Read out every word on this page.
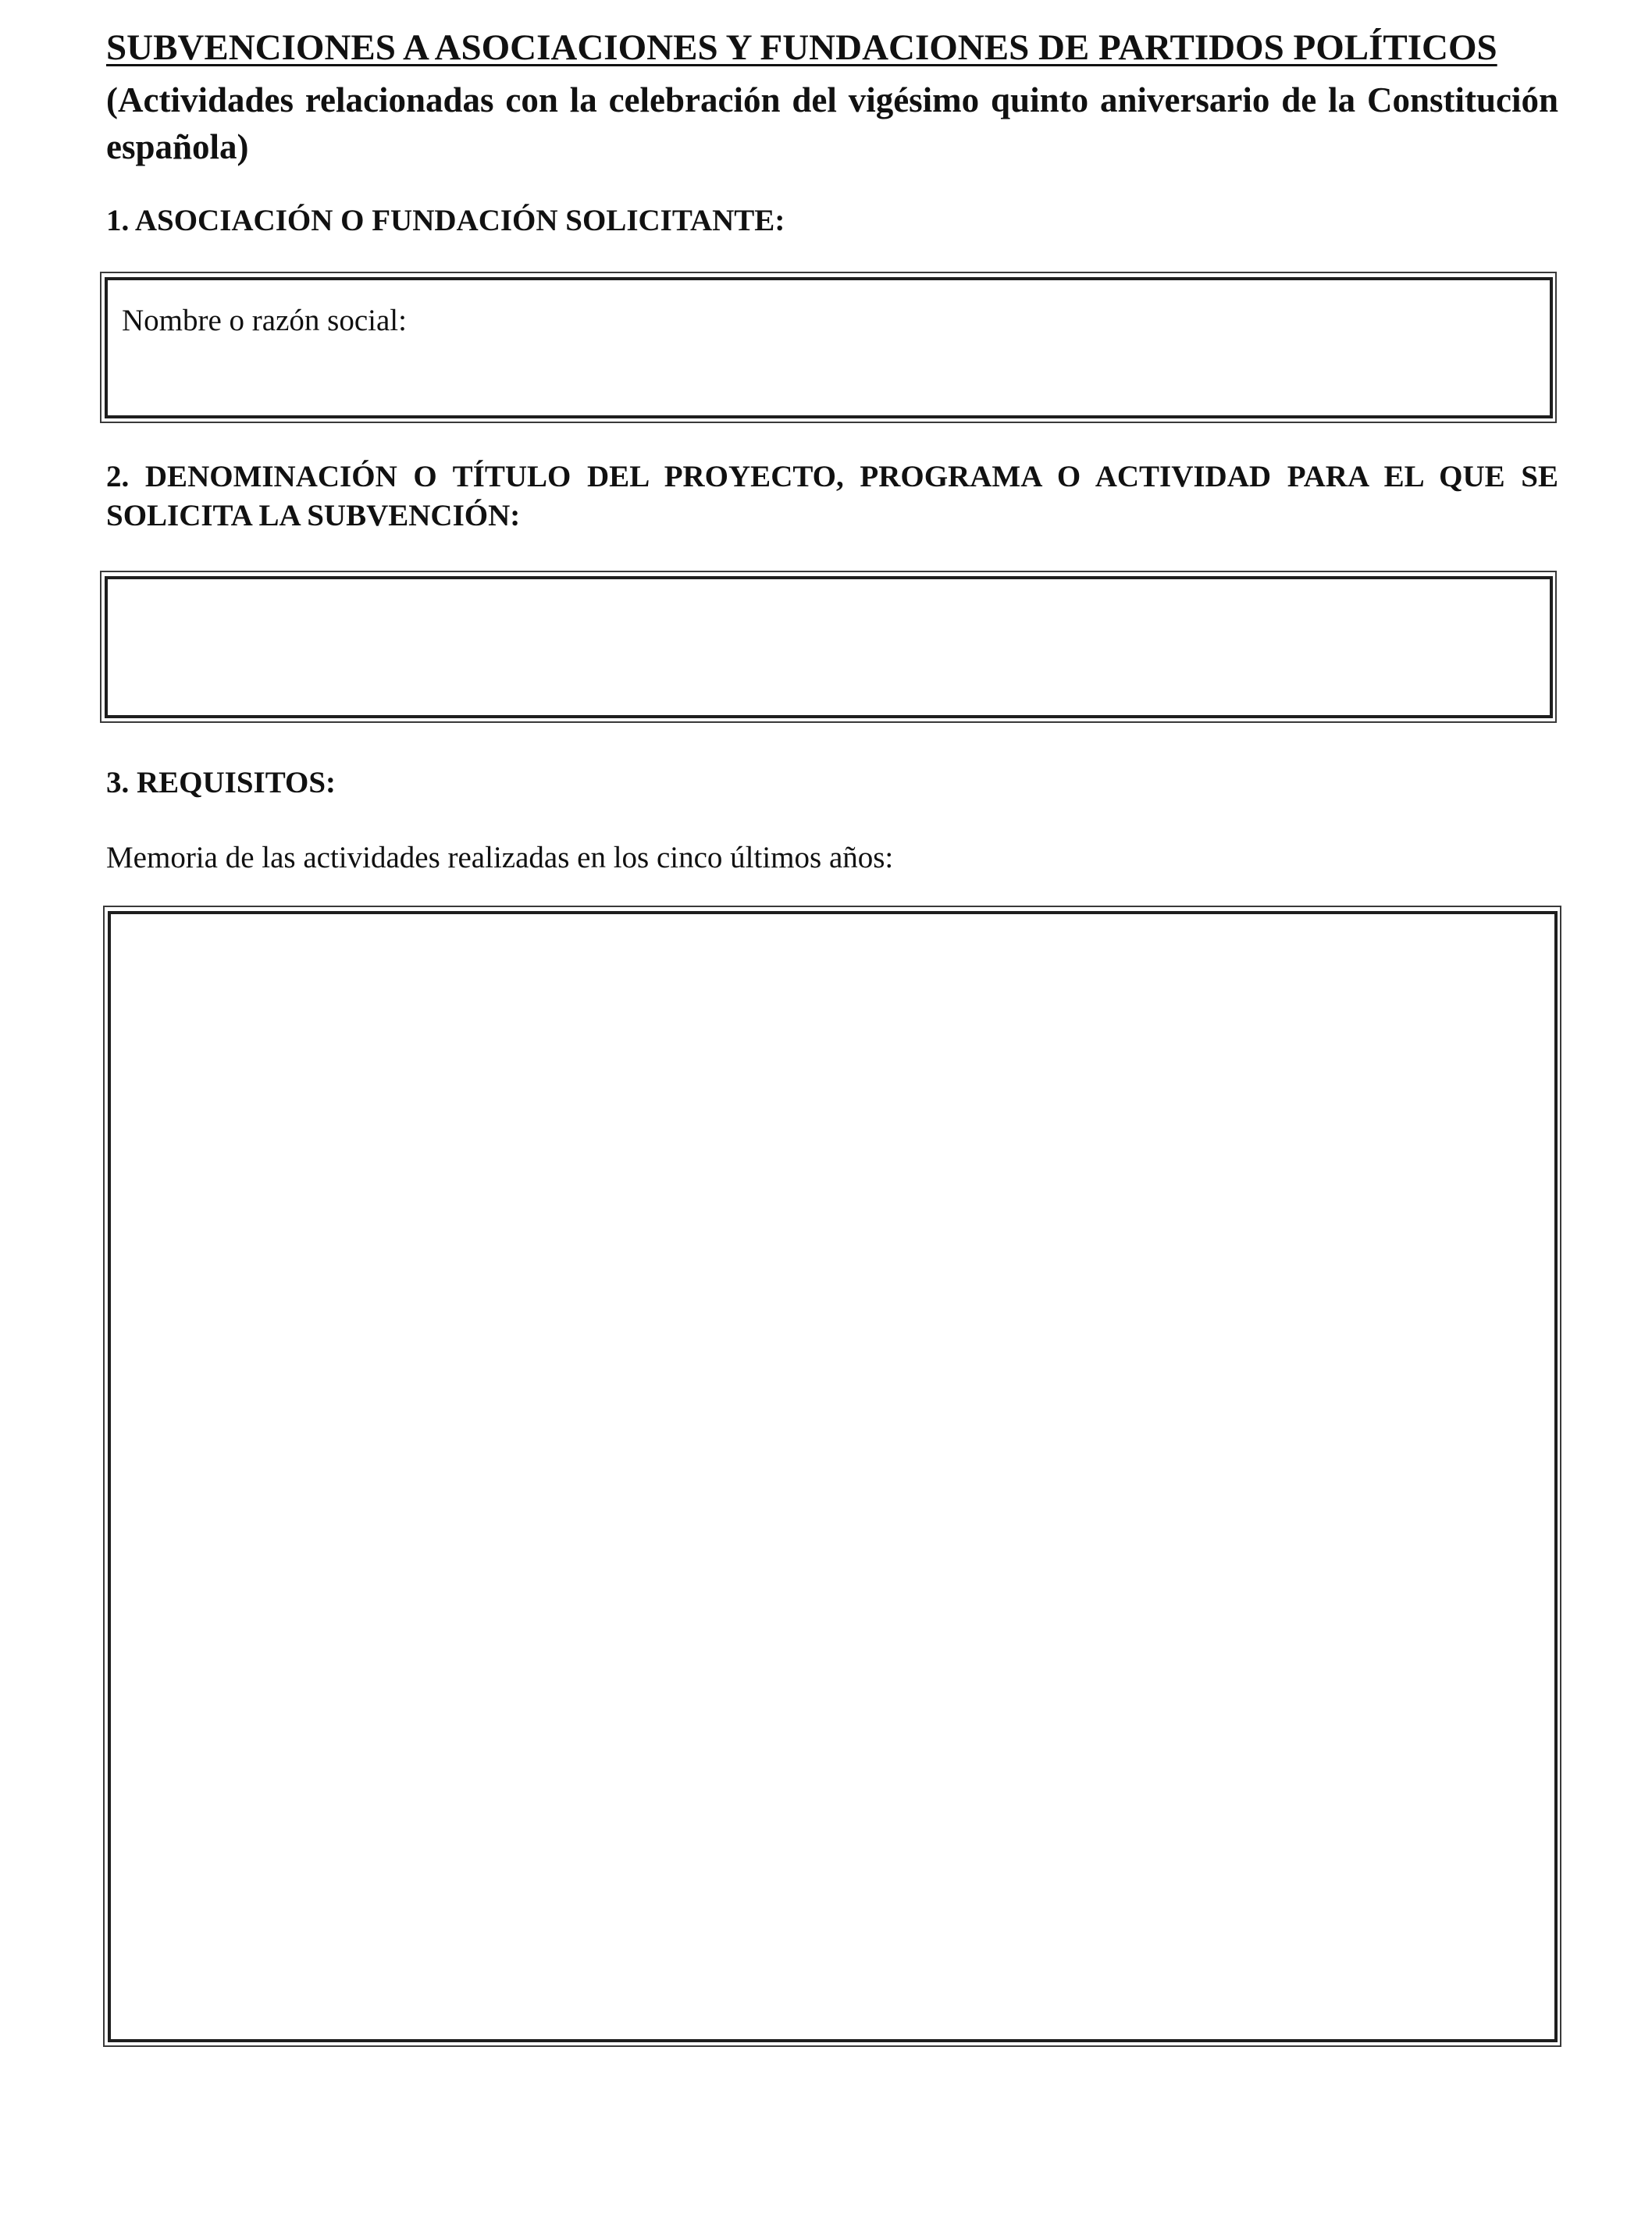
SUBVENCIONES A ASOCIACIONES Y FUNDACIONES DE PARTIDOS POLÍTICOS

(Actividades relacionadas con la celebración del vigésimo quinto aniversario de la Constitución española)

1. ASOCIACIÓN O FUNDACIÓN SOLICITANTE:
Nombre o razón social:
2. DENOMINACIÓN O TÍTULO DEL PROYECTO, PROGRAMA O ACTIVIDAD PARA EL QUE SE SOLICITA LA SUBVENCIÓN:
3. REQUISITOS:

Memoria de las actividades realizadas en los cinco últimos años:
